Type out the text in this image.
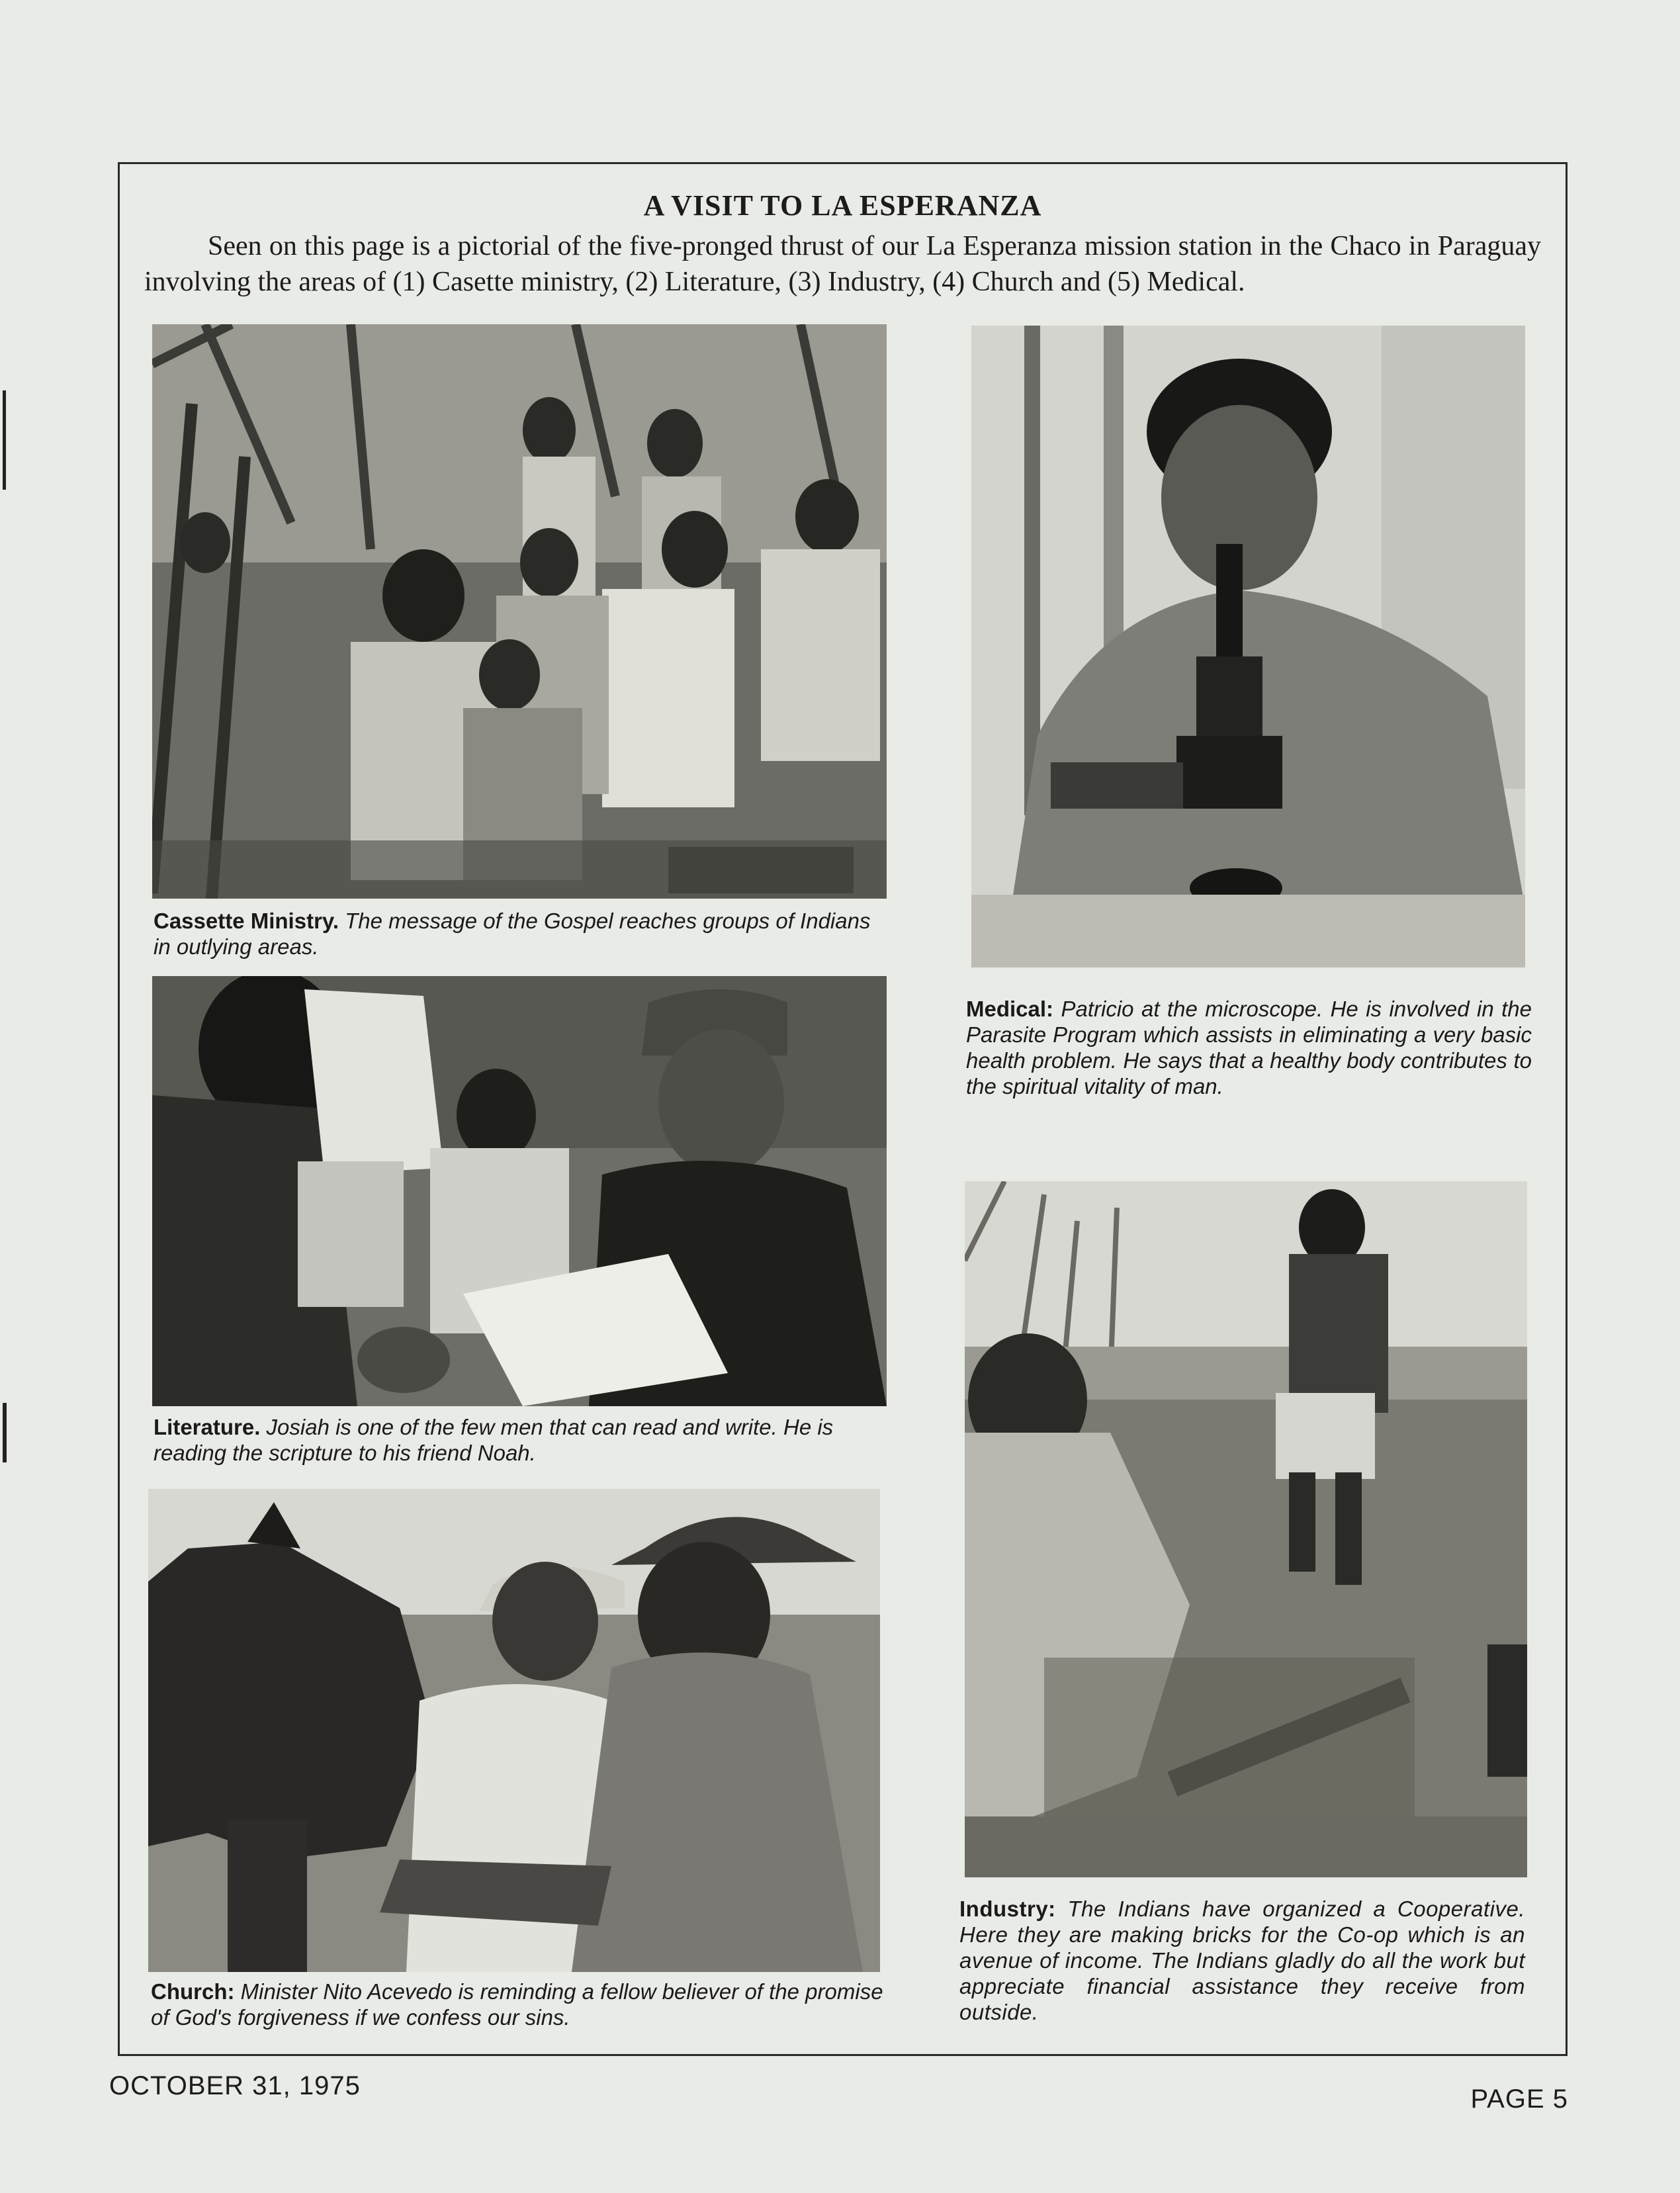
A VISIT TO LA ESPERANZA
Seen on this page is a pictorial of the five-pronged thrust of our La Esperanza mission station in the Chaco in Paraguay involving the areas of (1) Casette ministry, (2) Literature, (3) Industry, (4) Church and (5) Medical.
Cassette Ministry. The message of the Gospel reaches groups of Indians in outlying areas.
Medical: Patricio at the microscope. He is involved in the Parasite Program which assists in eliminating a very basic health problem. He says that a healthy body contributes to the spiritual vitality of man.
Literature. Josiah is one of the few men that can read and write. He is reading the scripture to his friend Noah.
Industry: The Indians have organized a Cooperative. Here they are making bricks for the Co-op which is an avenue of income. The Indians gladly do all the work but appreciate financial assistance they receive from outside.
Church: Minister Nito Acevedo is reminding a fellow believer of the promise of God's forgiveness if we confess our sins.
OCTOBER 31, 1975	PAGE 5
